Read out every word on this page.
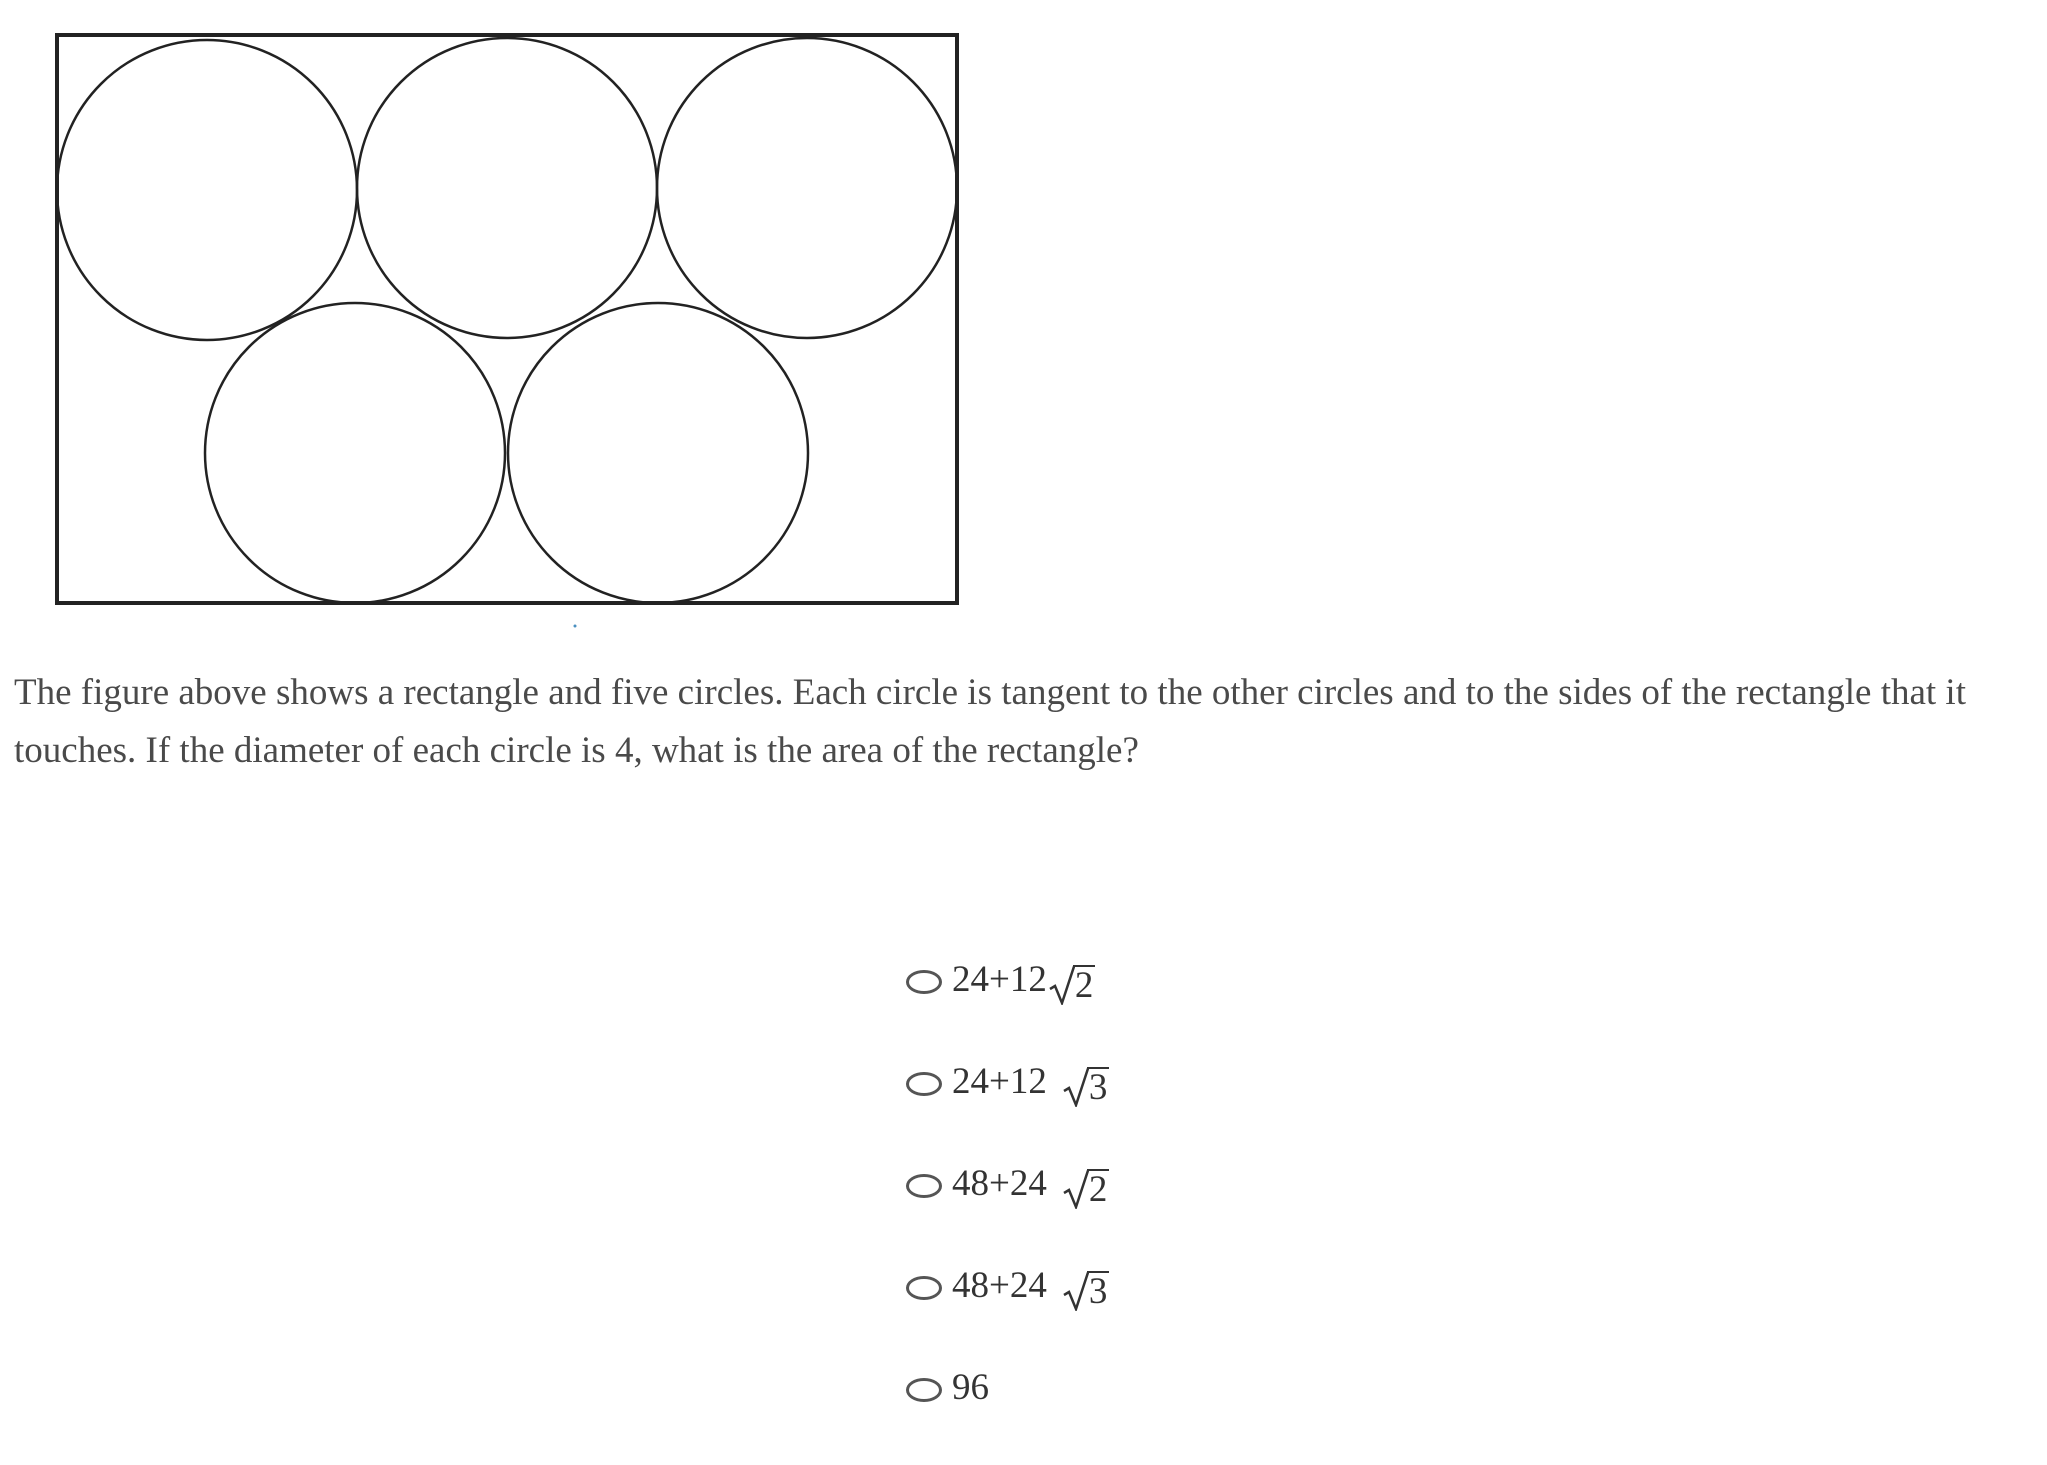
The figure above shows a rectangle and five circles. Each circle is tangent to the other circles and to the sides of the rectangle that it touches. If the diameter of each circle is 4, what is the area of the rectangle?
24+12 2
24+12 3
48+24 2
48+24 3
96
